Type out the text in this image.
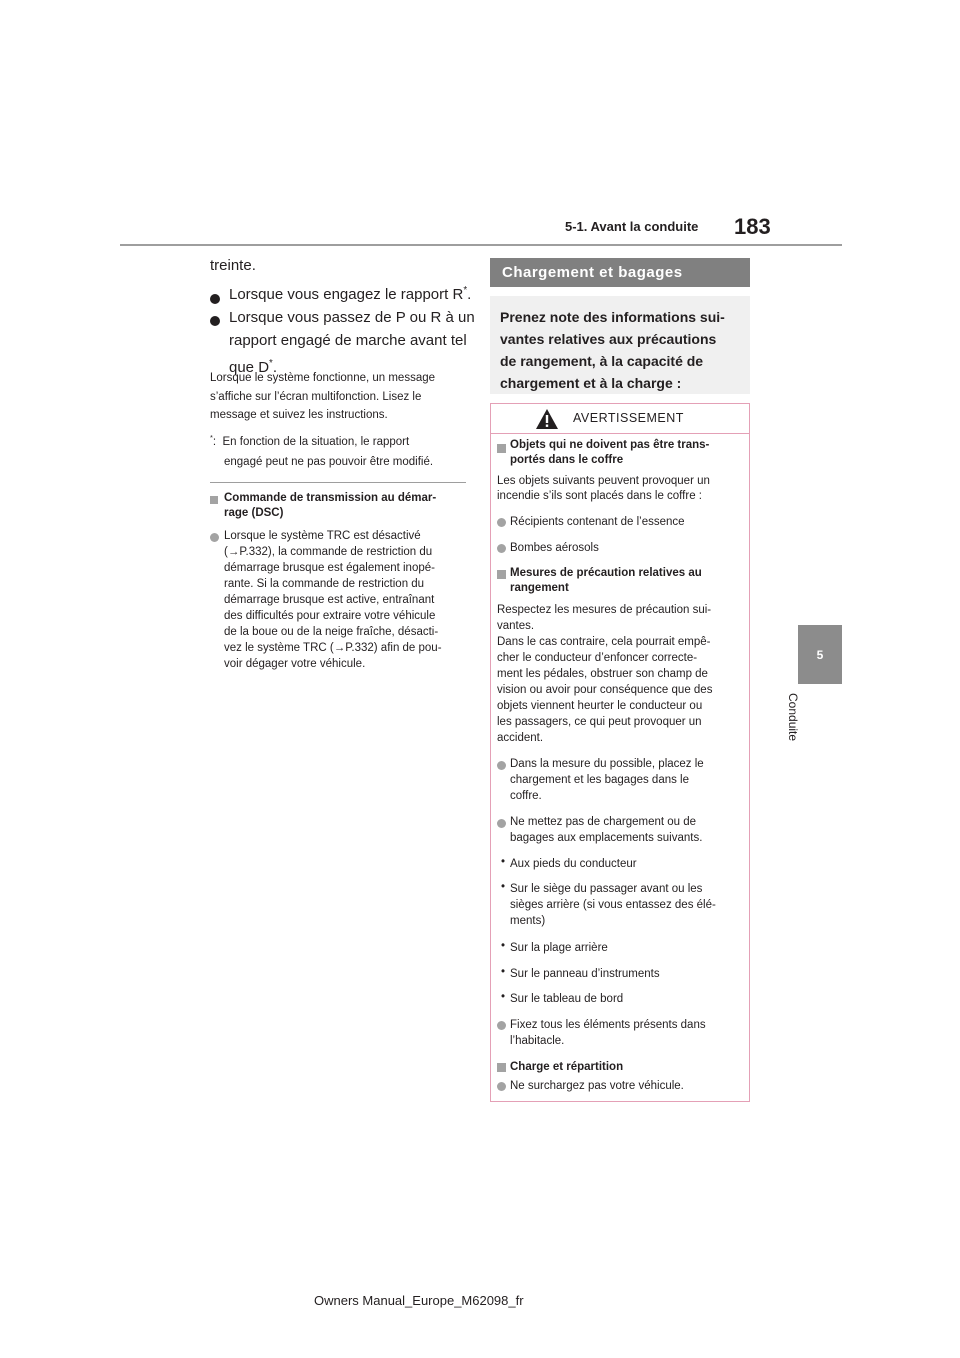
5-1. Avant la conduite 183
5
Conduite
treinte.
Lorsque vous engagez le rapport R*.
Lorsque vous passez de P ou R à un
rapport engagé de marche avant tel
que D*.
Lorsque le système fonctionne, un message
s’affiche sur l’écran multifonction. Lisez le
message et suivez les instructions.
*: En fonction de la situation, le rapport
engagé peut ne pas pouvoir être modifié.
Commande de transmission au démar-
rage (DSC)
Lorsque le système TRC est désactivé
(→P.332), la commande de restriction du
démarrage brusque est également inopé-
rante. Si la commande de restriction du
démarrage brusque est active, entraînant
des difficultés pour extraire votre véhicule
de la boue ou de la neige fraîche, désacti-
vez le système TRC (→P.332) afin de pou-
voir dégager votre véhicule.
Chargement et bagages
Prenez note des informations sui-
vantes relatives aux précautions
de rangement, à la capacité de
chargement et à la charge :
AVERTISSEMENT
Objets qui ne doivent pas être trans-
portés dans le coffre
Les objets suivants peuvent provoquer un
incendie s’ils sont placés dans le coffre :
Récipients contenant de l’essence
Bombes aérosols
Mesures de précaution relatives au
rangement
Respectez les mesures de précaution sui-
vantes.
Dans le cas contraire, cela pourrait empê-
cher le conducteur d’enfoncer correcte-
ment les pédales, obstruer son champ de
vision ou avoir pour conséquence que des
objets viennent heurter le conducteur ou
les passagers, ce qui peut provoquer un
accident.
Dans la mesure du possible, placez le
chargement et les bagages dans le
coffre.
Ne mettez pas de chargement ou de
bagages aux emplacements suivants.
• Aux pieds du conducteur
• Sur le siège du passager avant ou les
sièges arrière (si vous entassez des élé-
ments)
• Sur la plage arrière
• Sur le panneau d’instruments
• Sur le tableau de bord
Fixez tous les éléments présents dans
l’habitacle.
Charge et répartition
Ne surchargez pas votre véhicule.
Owners Manual_Europe_M62098_fr
